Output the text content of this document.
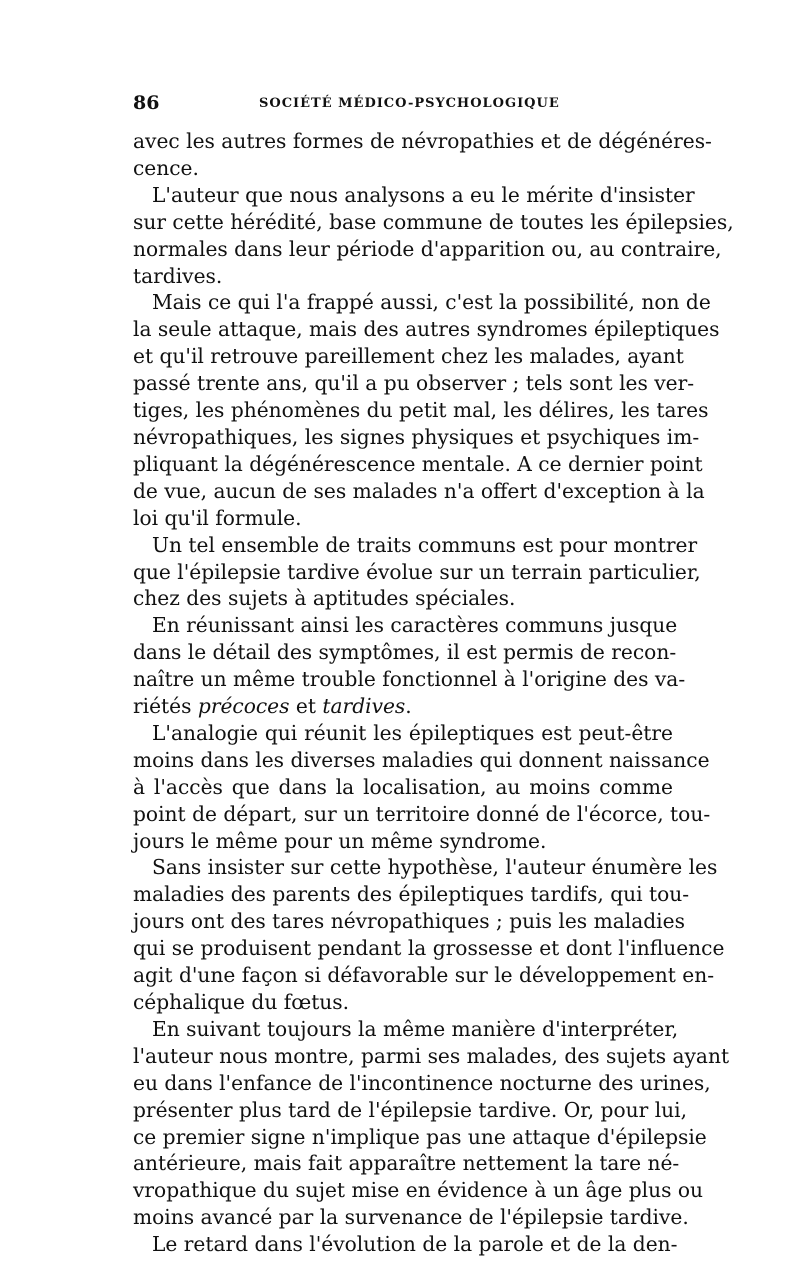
86	SOCIÉTÉ MÉDICO-PSYCHOLOGIQUE

avec les autres formes de névropathies et de dégénéres-
cence.

L'auteur que nous analysons a eu le mérite d'insister
sur cette hérédité, base commune de toutes les épilepsies,
normales dans leur période d'apparition ou, au contraire,
tardives.

Mais ce qui l'a frappé aussi, c'est la possibilité, non de
la seule attaque, mais des autres syndromes épileptiques
et qu'il retrouve pareillement chez les malades, ayant
passé trente ans, qu'il a pu observer ; tels sont les ver-
tiges, les phénomènes du petit mal, les délires, les tares
névropathiques, les signes physiques et psychiques im-
pliquant la dégénérescence mentale. A ce dernier point
de vue, aucun de ses malades n'a offert d'exception à la
loi qu'il formule.

Un tel ensemble de traits communs est pour montrer
que l'épilepsie tardive évolue sur un terrain particulier,
chez des sujets à aptitudes spéciales.

En réunissant ainsi les caractères communs jusque
dans le détail des symptômes, il est permis de recon-
naître un même trouble fonctionnel à l'origine des va-
riétés précoces et tardives.

L'analogie qui réunit les épileptiques est peut-être
moins dans les diverses maladies qui donnent naissance
à l'accès que dans la localisation, au moins comme
point de départ, sur un territoire donné de l'écorce, tou-
jours le même pour un même syndrome.

Sans insister sur cette hypothèse, l'auteur énumère les
maladies des parents des épileptiques tardifs, qui tou-
jours ont des tares névropathiques ; puis les maladies
qui se produisent pendant la grossesse et dont l'influence
agit d'une façon si défavorable sur le développement en-
céphalique du fœtus.

En suivant toujours la même manière d'interpréter,
l'auteur nous montre, parmi ses malades, des sujets ayant
eu dans l'enfance de l'incontinence nocturne des urines,
présenter plus tard de l'épilepsie tardive. Or, pour lui,
ce premier signe n'implique pas une attaque d'épilepsie
antérieure, mais fait apparaître nettement la tare né-
vropathique du sujet mise en évidence à un âge plus ou
moins avancé par la survenance de l'épilepsie tardive.

Le retard dans l'évolution de la parole et de la den-
